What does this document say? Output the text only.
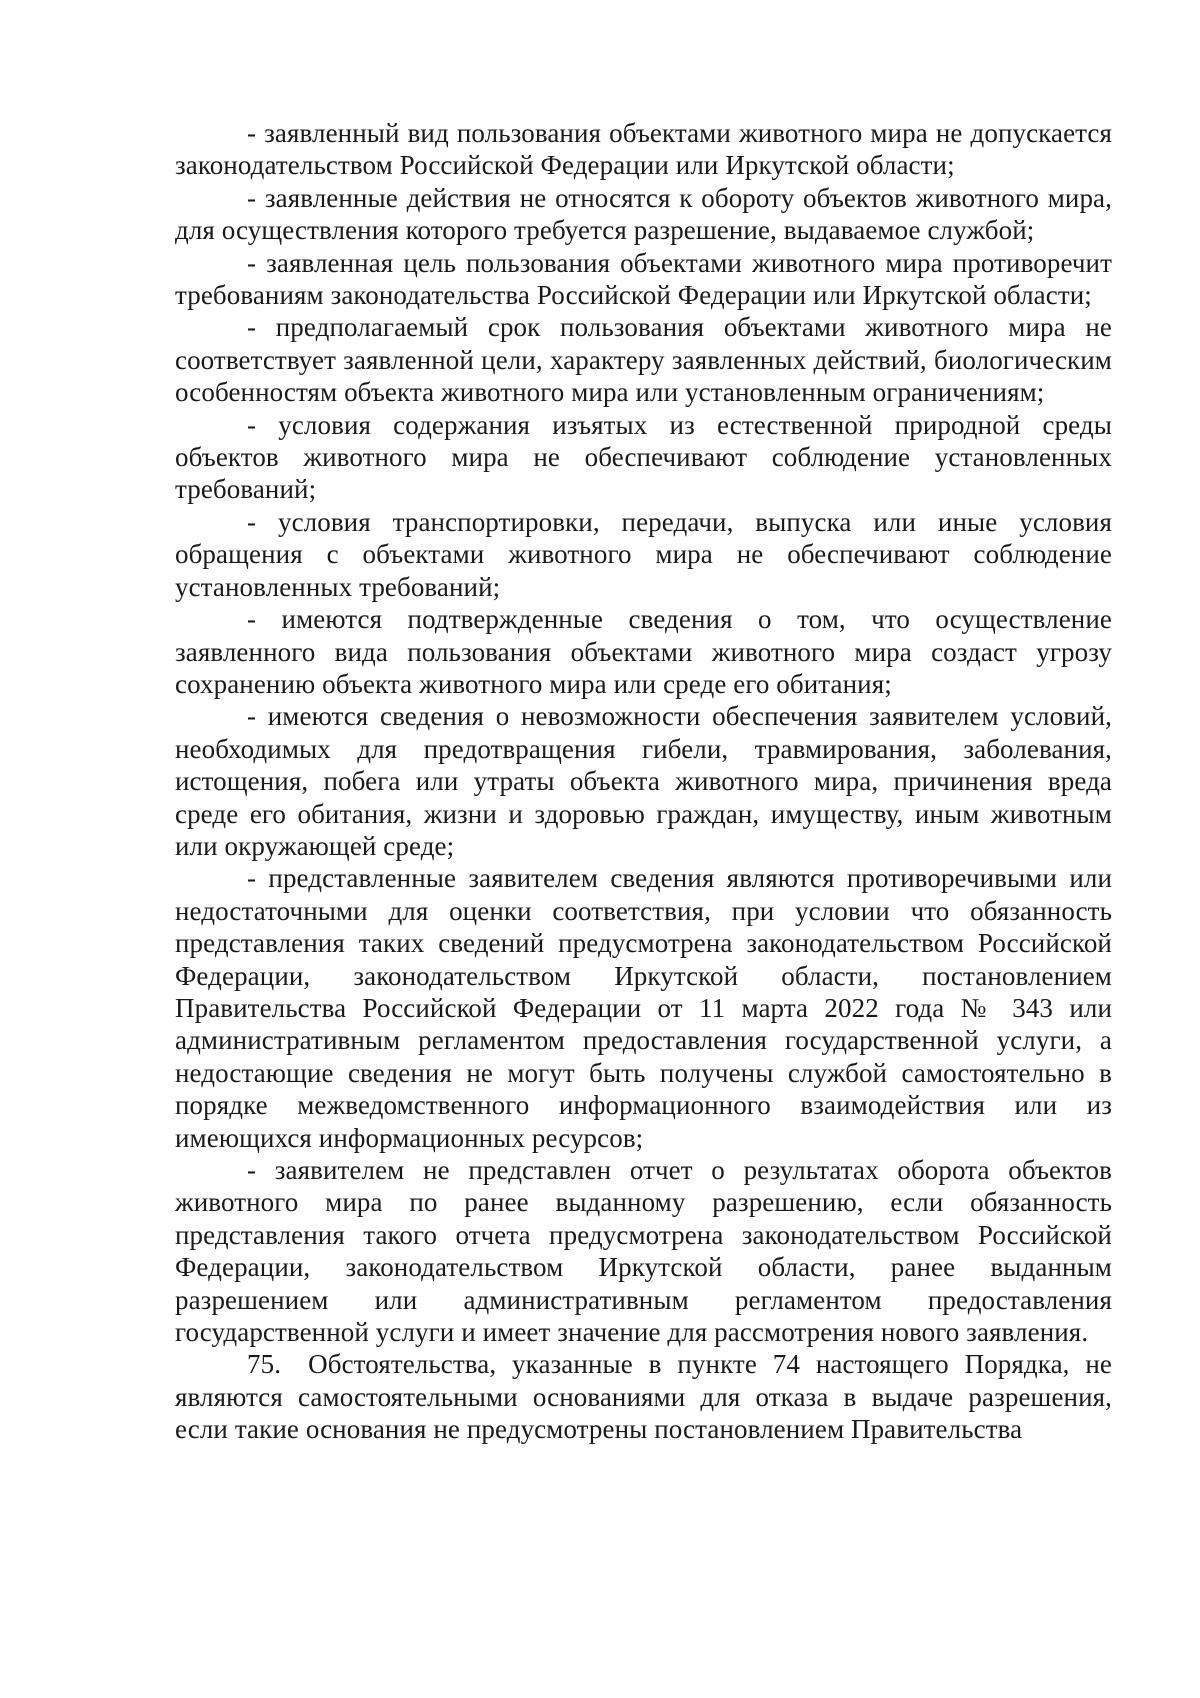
- заявленный вид пользования объектами животного мира не допускается законодательством Российской Федерации или Иркутской области;

- заявленные действия не относятся к обороту объектов животного мира, для осуществления которого требуется разрешение, выдаваемое службой;

- заявленная цель пользования объектами животного мира противоречит требованиям законодательства Российской Федерации или Иркутской области;

- предполагаемый срок пользования объектами животного мира не соответствует заявленной цели, характеру заявленных действий, биологическим особенностям объекта животного мира или установленным ограничениям;

- условия содержания изъятых из естественной природной среды объектов животного мира не обеспечивают соблюдение установленных требований;

- условия транспортировки, передачи, выпуска или иные условия обращения с объектами животного мира не обеспечивают соблюдение установленных требований;

- имеются подтвержденные сведения о том, что осуществление заявленного вида пользования объектами животного мира создаст угрозу сохранению объекта животного мира или среде его обитания;

- имеются сведения о невозможности обеспечения заявителем условий, необходимых для предотвращения гибели, травмирования, заболевания, истощения, побега или утраты объекта животного мира, причинения вреда среде его обитания, жизни и здоровью граждан, имуществу, иным животным или окружающей среде;

- представленные заявителем сведения являются противоречивыми или недостаточными для оценки соответствия, при условии что обязанность представления таких сведений предусмотрена законодательством Российской Федерации, законодательством Иркутской области, постановлением Правительства Российской Федерации от 11 марта 2022 года № 343 или административным регламентом предоставления государственной услуги, а недостающие сведения не могут быть получены службой самостоятельно в порядке межведомственного информационного взаимодействия или из имеющихся информационных ресурсов;

- заявителем не представлен отчет о результатах оборота объектов животного мира по ранее выданному разрешению, если обязанность представления такого отчета предусмотрена законодательством Российской Федерации, законодательством Иркутской области, ранее выданным разрешением или административным регламентом предоставления государственной услуги и имеет значение для рассмотрения нового заявления.

75. Обстоятельства, указанные в пункте 74 настоящего Порядка, не являются самостоятельными основаниями для отказа в выдаче разрешения, если такие основания не предусмотрены постановлением Правительства
